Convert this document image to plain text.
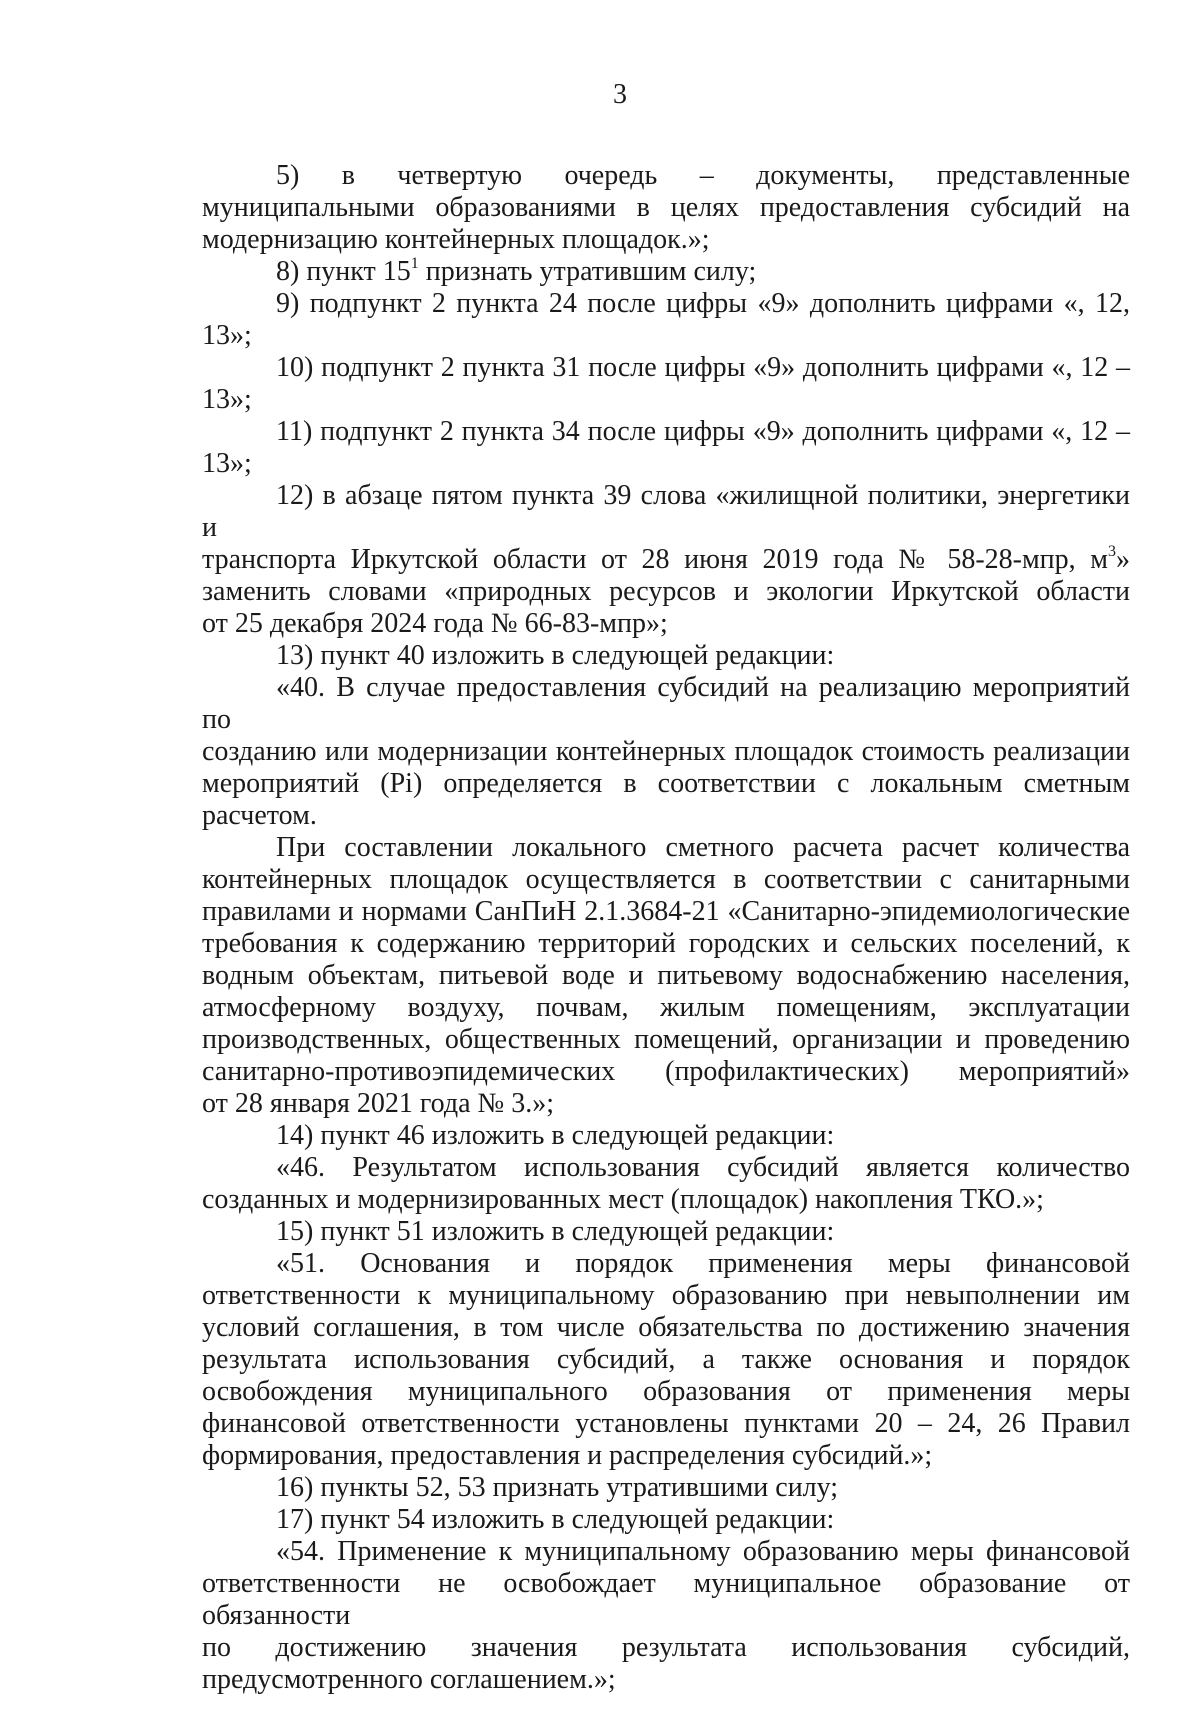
3
5) в четвертую очередь – документы, представленные
муниципальными образованиями в целях предоставления субсидий на
модернизацию контейнерных площадок.»;
8) пункт $15^1$ признать утратившим силу;
9) подпункт 2 пункта 24 после цифры «9» дополнить цифрами «, 12,
13»;
10) подпункт 2 пункта 31 после цифры «9» дополнить цифрами «, 12 –
13»;
11) подпункт 2 пункта 34 после цифры «9» дополнить цифрами «, 12 –
13»;
12) в абзаце пятом пункта 39 слова «жилищной политики, энергетики и
транспорта Иркутской области от 28 июня 2019 года № 58-28-мпр, $м^3$»
заменить словами «природных ресурсов и экологии Иркутской области
от 25 декабря 2024 года № 66-83-мпр»;
13) пункт 40 изложить в следующей редакции:
«40. В случае предоставления субсидий на реализацию мероприятий по
созданию или модернизации контейнерных площадок стоимость реализации
мероприятий (Pi) определяется в соответствии с локальным сметным
расчетом.
При составлении локального сметного расчета расчет количества
контейнерных площадок осуществляется в соответствии с санитарными
правилами и нормами СанПиН 2.1.3684-21 «Санитарно-эпидемиологические
требования к содержанию территорий городских и сельских поселений, к
водным объектам, питьевой воде и питьевому водоснабжению населения,
атмосферному воздуху, почвам, жилым помещениям, эксплуатации
производственных, общественных помещений, организации и проведению
санитарно-противоэпидемических (профилактических) мероприятий»
от 28 января 2021 года № 3.»;
14) пункт 46 изложить в следующей редакции:
«46. Результатом использования субсидий является количество
созданных и модернизированных мест (площадок) накопления ТКО.»;
15) пункт 51 изложить в следующей редакции:
«51. Основания и порядок применения меры финансовой
ответственности к муниципальному образованию при невыполнении им
условий соглашения, в том числе обязательства по достижению значения
результата использования субсидий, а также основания и порядок
освобождения муниципального образования от применения меры
финансовой ответственности установлены пунктами 20 – 24, 26 Правил
формирования, предоставления и распределения субсидий.»;
16) пункты 52, 53 признать утратившими силу;
17) пункт 54 изложить в следующей редакции:
«54. Применение к муниципальному образованию меры финансовой
ответственности не освобождает муниципальное образование от обязанности
по достижению значения результата использования субсидий,
предусмотренного соглашением.»;
